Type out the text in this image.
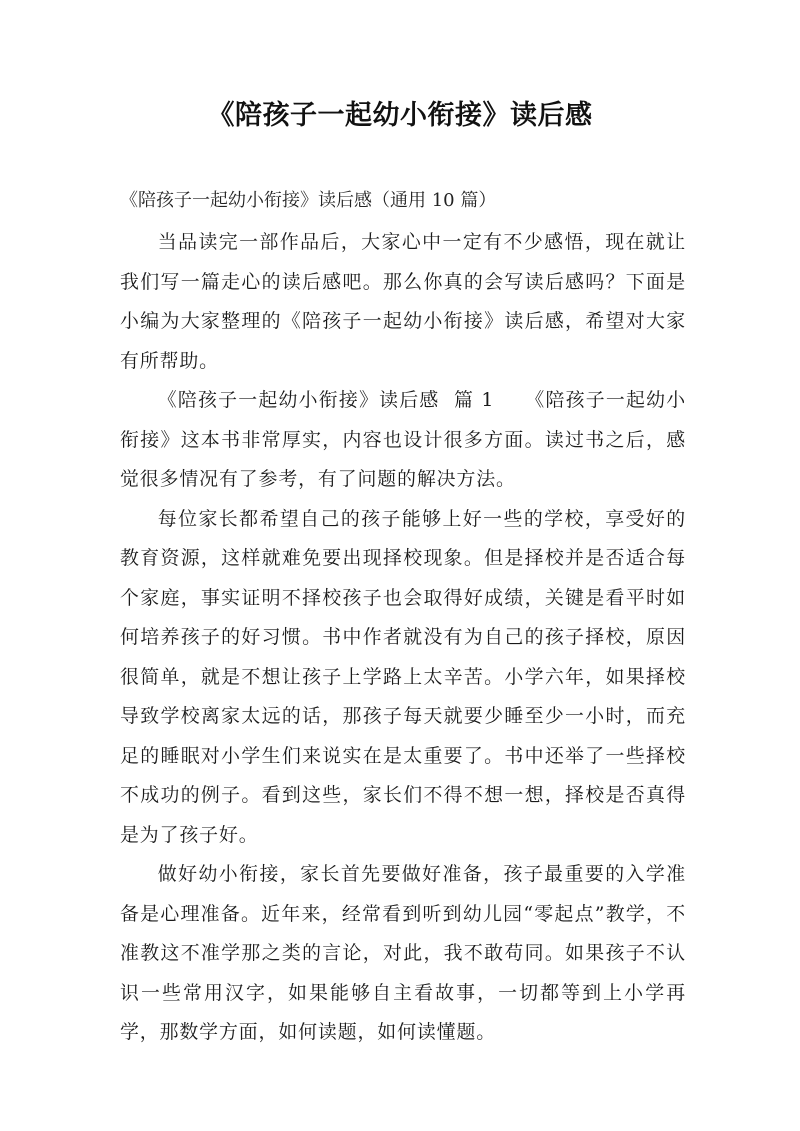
《陪孩子一起幼小衔接》读后感
《陪孩子一起幼小衔接》读后感（通用 10 篇）

当品读完一部作品后，大家心中一定有不少感悟，现在就让我们写一篇走心的读后感吧。那么你真的会写读后感吗？下面是小编为大家整理的《陪孩子一起幼小衔接》读后感，希望对大家有所帮助。

《陪孩子一起幼小衔接》读后感  篇 1　　《陪孩子一起幼小衔接》这本书非常厚实，内容也设计很多方面。读过书之后，感觉很多情况有了参考，有了问题的解决方法。

每位家长都希望自己的孩子能够上好一些的学校，享受好的教育资源，这样就难免要出现择校现象。但是择校并是否适合每个家庭，事实证明不择校孩子也会取得好成绩，关键是看平时如何培养孩子的好习惯。书中作者就没有为自己的孩子择校，原因很简单，就是不想让孩子上学路上太辛苦。小学六年，如果择校导致学校离家太远的话，那孩子每天就要少睡至少一小时，而充足的睡眠对小学生们来说实在是太重要了。书中还举了一些择校不成功的例子。看到这些，家长们不得不想一想，择校是否真得是为了孩子好。

做好幼小衔接，家长首先要做好准备，孩子最重要的入学准备是心理准备。近年来，经常看到听到幼儿园“零起点”教学，不准教这不准学那之类的言论，对此，我不敢苟同。如果孩子不认识一些常用汉字，如果能够自主看故事，一切都等到上小学再学，那数学方面，如何读题，如何读懂题。
